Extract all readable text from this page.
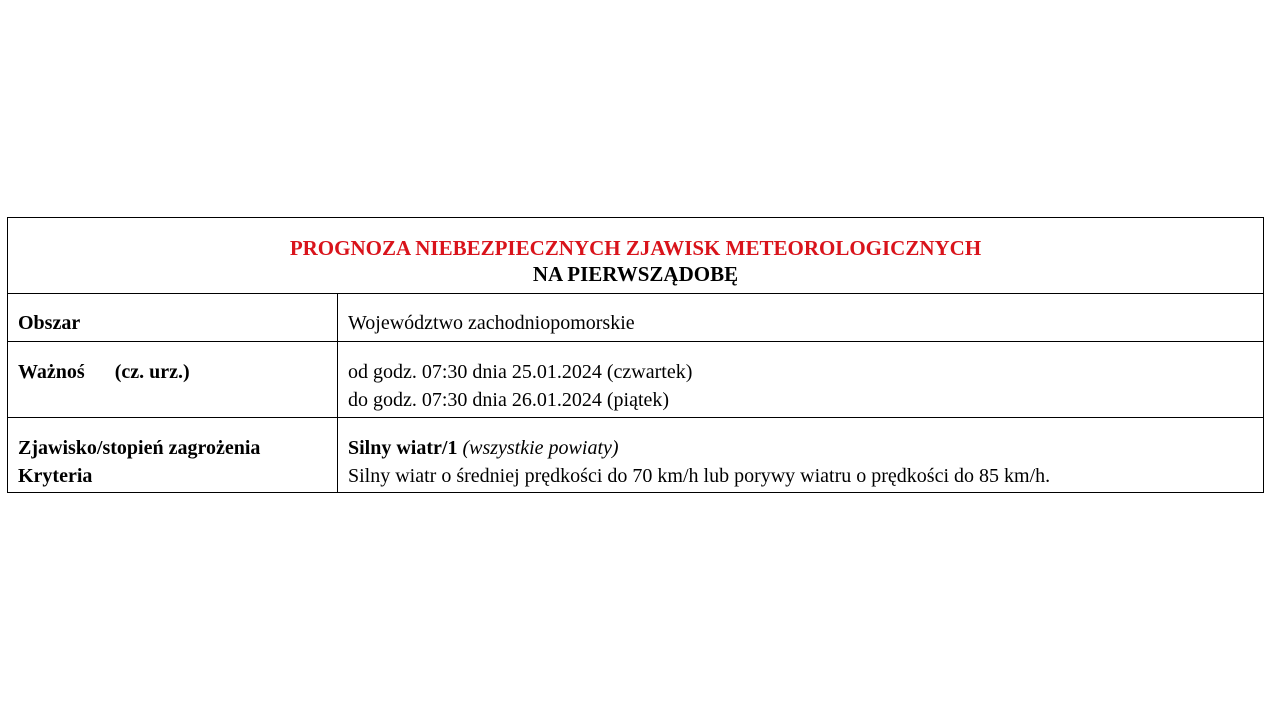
PROGNOZA NIEBEZPIECZNYCH ZJAWISK METEOROLOGICZNYCH
NA PIERWSZĄDOBĘ
Obszar	Województwo zachodniopomorskie
Ważnoś (cz. urz.)	od godz. 07:30 dnia 25.01.2024 (czwartek)
do godz. 07:30 dnia 26.01.2024 (piątek)
Zjawisko/stopień zagrożenia
Kryteria
Silny wiatr/1 (wszystkie powiaty)
Silny wiatr o średniej prędkości do 70 km/h lub porywy wiatru o prędkości do 85 km/h.
